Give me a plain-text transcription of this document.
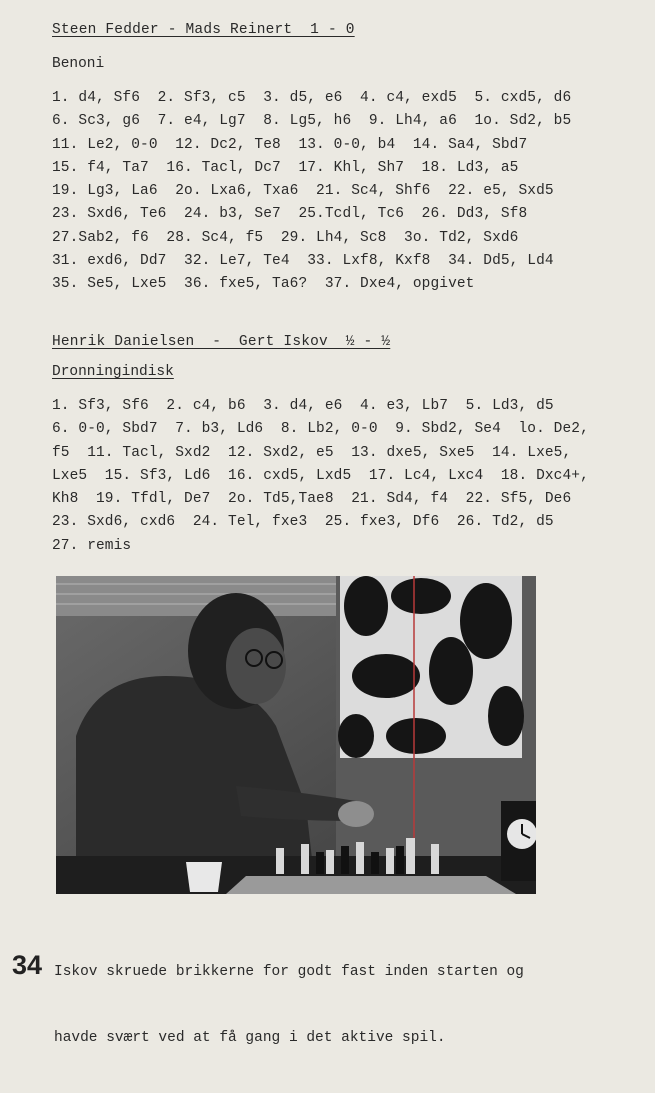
Steen Fedder - Mads Reinert  1 - 0
Benoni
1. d4, Sf6  2. Sf3, c5  3. d5, e6  4. c4, exd5  5. cxd5, d6
6. Sc3, g6  7. e4, Lg7  8. Lg5, h6  9. Lh4, a6  1o. Sd2, b5
11. Le2, 0-0  12. Dc2, Te8  13. 0-0, b4  14. Sa4, Sbd7
15. f4, Ta7  16. Tacl, Dc7  17. Khl, Sh7  18. Ld3, a5
19. Lg3, La6  2o. Lxa6, Txa6  21. Sc4, Shf6  22. e5, Sxd5
23. Sxd6, Te6  24. b3, Se7  25.Tcdl, Tc6  26. Dd3, Sf8
27.Sab2, f6  28. Sc4, f5  29. Lh4, Sc8  3o. Td2, Sxd6
31. exd6, Dd7  32. Le7, Te4  33. Lxf8, Kxf8  34. Dd5, Ld4
35. Se5, Lxe5  36. fxe5, Ta6?  37. Dxe4, opgivet
Henrik Danielsen  -  Gert Iskov  ½ - ½
Dronningindisk
1. Sf3, Sf6  2. c4, b6  3. d4, e6  4. e3, Lb7  5. Ld3, d5
6. 0-0, Sbd7  7. b3, Ld6  8. Lb2, 0-0  9. Sbd2, Se4  lo. De2,
f5  11. Tacl, Sxd2  12. Sxd2, e5  13. dxe5, Sxe5  14. Lxe5,
Lxe5  15. Sf3, Ld6  16. cxd5, Lxd5  17. Lc4, Lxc4  18. Dxc4+,
Kh8  19. Tfdl, De7  2o. Td5,Tae8  21. Sd4, f4  22. Sf5, De6
23. Sxd6, cxd6  24. Tel, fxe3  25. fxe3, Df6  26. Td2, d5
27. remis

Iskov skruede brikkerne for godt fast inden starten og

havde svært ved at få gang i det aktive spil.

34
